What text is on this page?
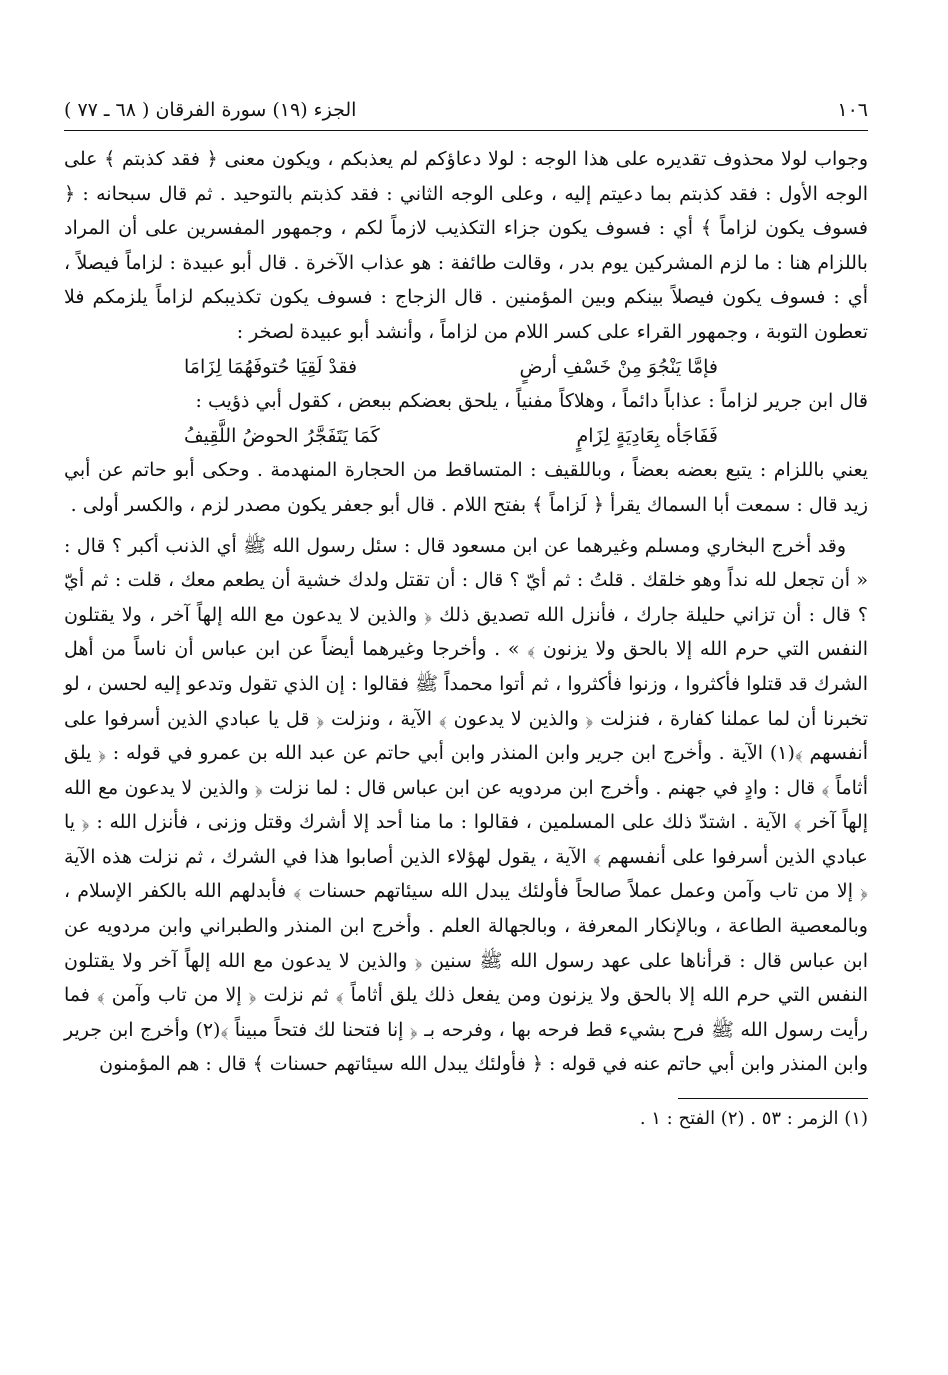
١٠٦
الجزء (١٩) سورة الفرقان ( ٦٨ ـ ٧٧ )

وجواب لولا محذوف تقديره على هذا الوجه : لولا دعاؤكم لم يعذبكم ، ويكون معنى ﴿ فقد كذبتم ﴾ على الوجه الأول : فقد كذبتم بما دعيتم إليه ، وعلى الوجه الثاني : فقد كذبتم بالتوحيد . ثم قال سبحانه : ﴿ فسوف يكون لزاماً ﴾ أي : فسوف يكون جزاء التكذيب لازماً لكم ، وجمهور المفسرين على أن المراد باللزام هنا : ما لزم المشركين يوم بدر ، وقالت طائفة : هو عذاب الآخرة . قال أبو عبيدة : لزاماً فيصلاً ، أي : فسوف يكون فيصلاً بينكم وبين المؤمنين . قال الزجاج : فسوف يكون تكذيبكم لزاماً يلزمكم فلا تعطون التوبة ، وجمهور القراء على كسر اللام من لزاماً ، وأنشد أبو عبيدة لصخر :

فإمَّا يَنْجُوَ مِنْ خَسْفِ أرضٍ
فقدْ لَقِيَا حُتوفَهُمَا لِزَامَا

قال ابن جرير لزاماً : عذاباً دائماً ، وهلاكاً مفنياً ، يلحق بعضكم ببعض ، كقول أبي ذؤيب :

فَفَاجَأه بِعَادِيَةٍ لِزَامٍ
كَمَا يَتَفَجَّرُ الحوضُ اللَّقِيفُ

يعني باللزام : يتبع بعضه بعضاً ، وباللقيف : المتساقط من الحجارة المنهدمة . وحكى أبو حاتم عن أبي زيد قال : سمعت أبا السماك يقرأ ﴿ لَزاماً ﴾ بفتح اللام . قال أبو جعفر يكون مصدر لزم ، والكسر أولى .

وقد أخرج البخاري ومسلم وغيرهما عن ابن مسعود قال : سئل رسول الله ﷺ أي الذنب أكبر ؟ قال : « أن تجعل لله نداً وهو خلقك . قلتُ : ثم أيّ ؟ قال : أن تقتل ولدك خشية أن يطعم معك ، قلت : ثم أيّ ؟ قال : أن تزاني حليلة جارك ، فأنزل الله تصديق ذلك ﴿ والذين لا يدعون مع الله إلهاً آخر ، ولا يقتلون النفس التي حرم الله إلا بالحق ولا يزنون ﴾ » . وأخرجا وغيرهما أيضاً عن ابن عباس أن ناساً من أهل الشرك قد قتلوا فأكثروا ، وزنوا فأكثروا ، ثم أتوا محمداً ﷺ فقالوا : إن الذي تقول وتدعو إليه لحسن ، لو تخبرنا أن لما عملنا كفارة ، فنزلت ﴿ والذين لا يدعون ﴾ الآية ، ونزلت ﴿ قل يا عبادي الذين أسرفوا على أنفسهم ﴾(١) الآية . وأخرج ابن جرير وابن المنذر وابن أبي حاتم عن عبد الله بن عمرو في قوله : ﴿ يلق أثاماً ﴾ قال : وادٍ في جهنم . وأخرج ابن مردويه عن ابن عباس قال : لما نزلت ﴿ والذين لا يدعون مع الله إلهاً آخر ﴾ الآية . اشتدّ ذلك على المسلمين ، فقالوا : ما منا أحد إلا أشرك وقتل وزنى ، فأنزل الله : ﴿ يا عبادي الذين أسرفوا على أنفسهم ﴾ الآية ، يقول لهؤلاء الذين أصابوا هذا في الشرك ، ثم نزلت هذه الآية ﴿ إلا من تاب وآمن وعمل عملاً صالحاً فأولئك يبدل الله سيئاتهم حسنات ﴾ فأبدلهم الله بالكفر الإسلام ، وبالمعصية الطاعة ، وبالإنكار المعرفة ، وبالجهالة العلم . وأخرج ابن المنذر والطبراني وابن مردويه عن ابن عباس قال : قرأناها على عهد رسول الله ﷺ سنين ﴿ والذين لا يدعون مع الله إلهاً آخر ولا يقتلون النفس التي حرم الله إلا بالحق ولا يزنون ومن يفعل ذلك يلق أثاماً ﴾ ثم نزلت ﴿ إلا من تاب وآمن ﴾ فما رأيت رسول الله ﷺ فرح بشيء قط فرحه بها ، وفرحه بـ ﴿ إنا فتحنا لك فتحاً مبيناً ﴾(٢) وأخرج ابن جرير وابن المنذر وابن أبي حاتم عنه في قوله : ﴿ فأولئك يبدل الله سيئاتهم حسنات ﴾ قال : هم المؤمنون

(١) الزمر : ٥٣ . (٢) الفتح : ١ .
